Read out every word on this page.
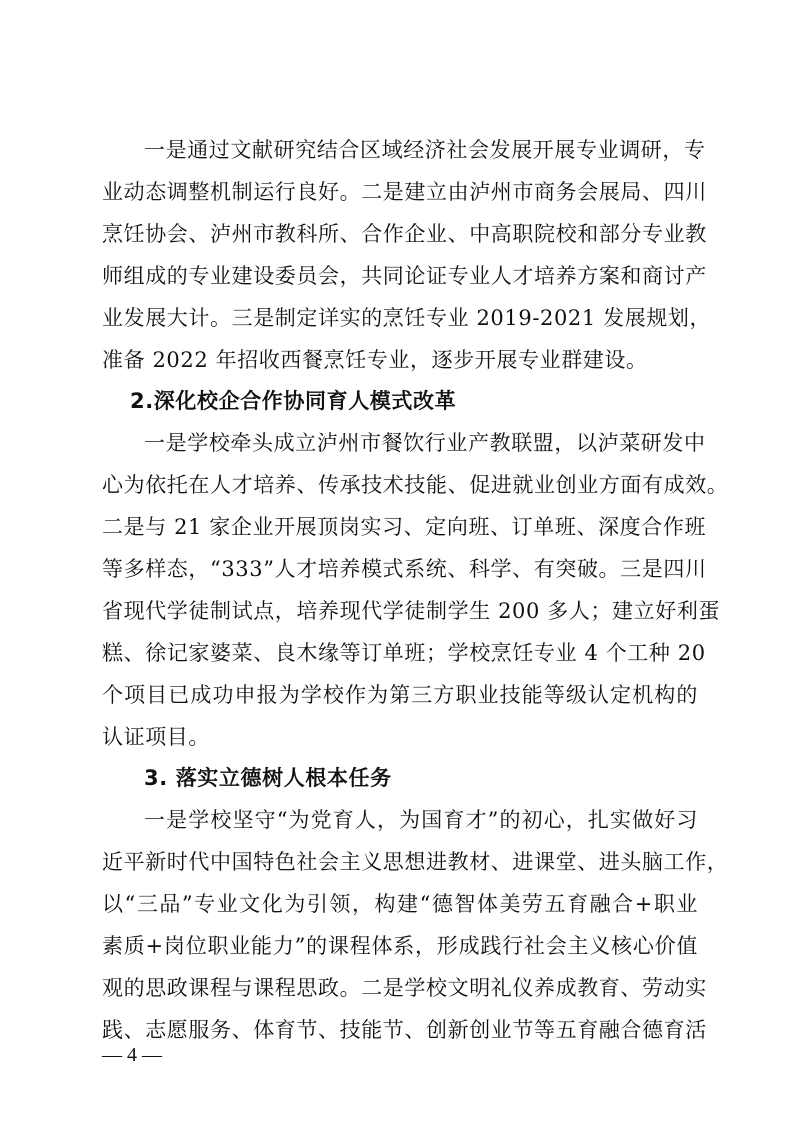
一是通过文献研究结合区域经济社会发展开展专业调研，专
业动态调整机制运行良好。二是建立由泸州市商务会展局、四川
烹饪协会、泸州市教科所、合作企业、中高职院校和部分专业教
师组成的专业建设委员会，共同论证专业人才培养方案和商讨产
业发展大计。三是制定详实的烹饪专业 2019-2021 发展规划，
准备 2022 年招收西餐烹饪专业，逐步开展专业群建设。
2.深化校企合作协同育人模式改革
一是学校牵头成立泸州市餐饮行业产教联盟，以泸菜研发中
心为依托在人才培养、传承技术技能、促进就业创业方面有成效。
二是与 21 家企业开展顶岗实习、定向班、订单班、深度合作班
等多样态，“333”人才培养模式系统、科学、有突破。三是四川
省现代学徒制试点，培养现代学徒制学生 200 多人；建立好利蛋
糕、徐记家婆菜、良木缘等订单班；学校烹饪专业 4 个工种 20
个项目已成功申报为学校作为第三方职业技能等级认定机构的
认证项目。
3. 落实立德树人根本任务
一是学校坚守“为党育人，为国育才”的初心，扎实做好习
近平新时代中国特色社会主义思想进教材、进课堂、进头脑工作，
以“三品”专业文化为引领，构建“德智体美劳五育融合+职业
素质+岗位职业能力”的课程体系，形成践行社会主义核心价值
观的思政课程与课程思政。二是学校文明礼仪养成教育、劳动实
践、志愿服务、体育节、技能节、创新创业节等五育融合德育活
— 4 —
